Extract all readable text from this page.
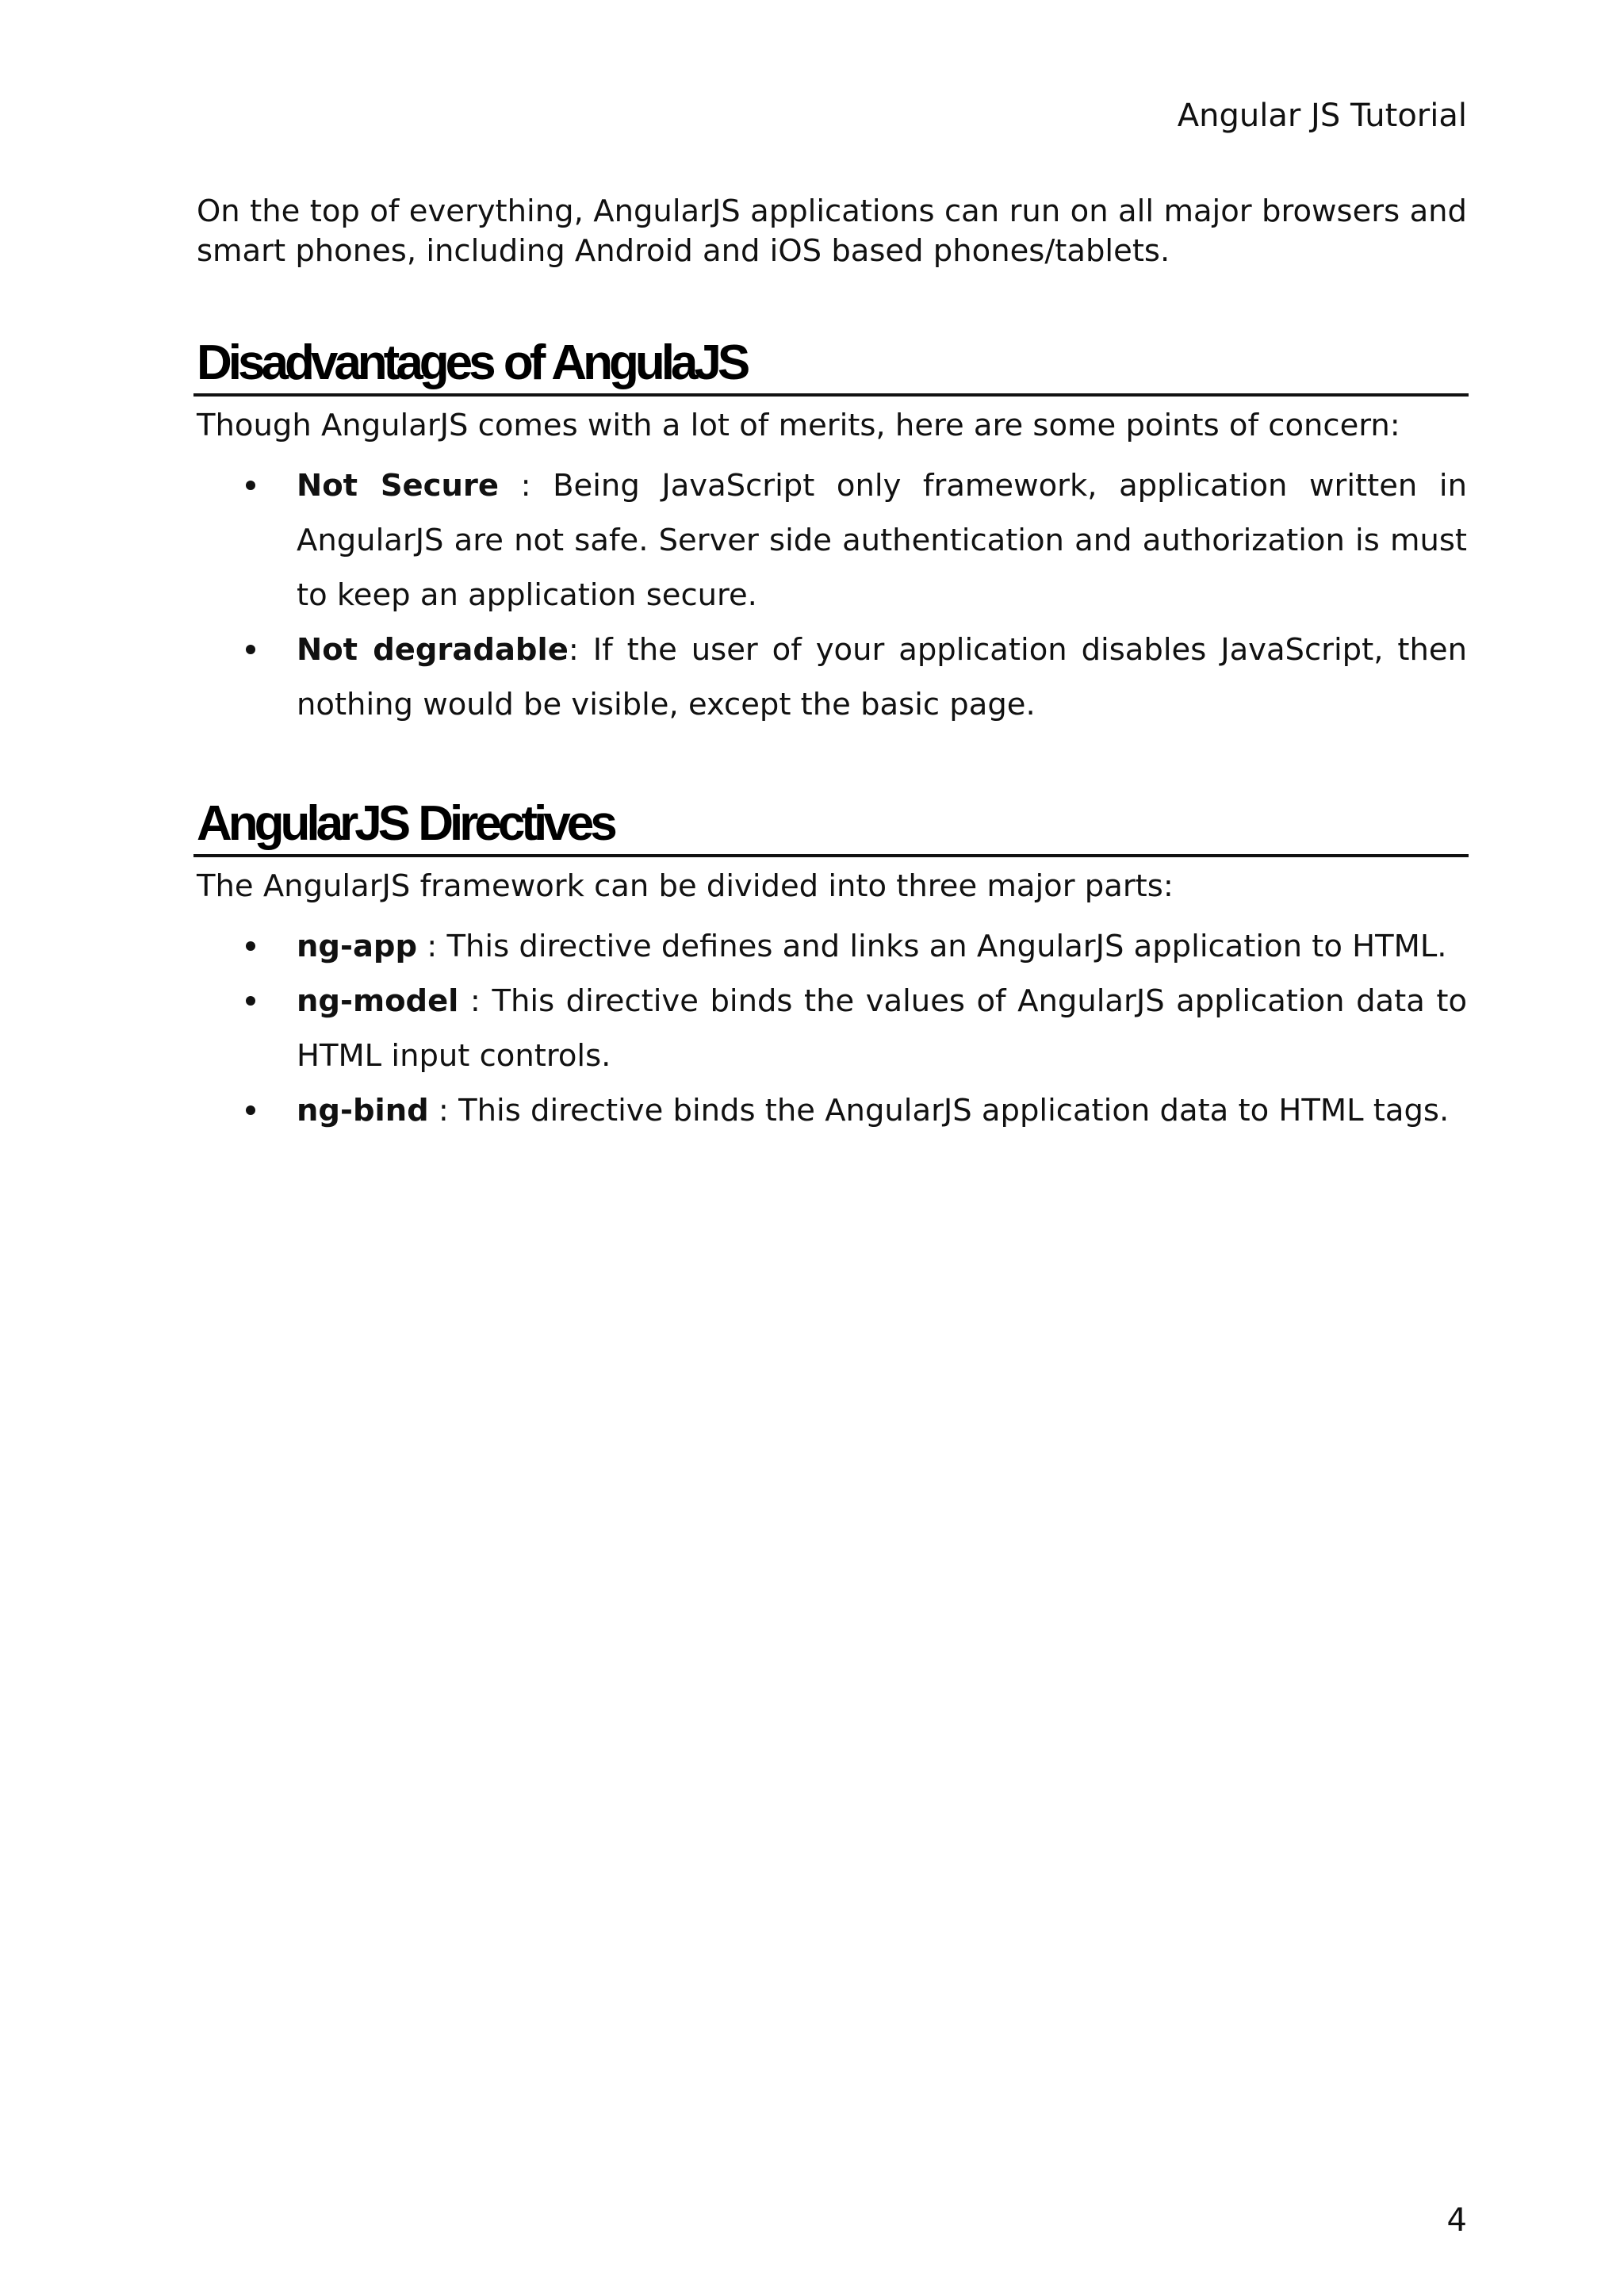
Angular JS Tutorial

On the top of everything, AngularJS applications can run on all major browsers and smart phones, including Android and iOS based phones/tablets.

Disadvantages of AngulaJS

Though AngularJS comes with a lot of merits, here are some points of concern:

Not Secure : Being JavaScript only framework, application written in AngularJS are not safe. Server side authentication and authorization is must to keep an application secure.
Not degradable: If the user of your application disables JavaScript, then nothing would be visible, except the basic page.
AngularJS Directives

The AngularJS framework can be divided into three major parts:

ng-app : This directive defines and links an AngularJS application to HTML.
ng-model : This directive binds the values of AngularJS application data to HTML input controls.
ng-bind : This directive binds the AngularJS application data to HTML tags.
4
